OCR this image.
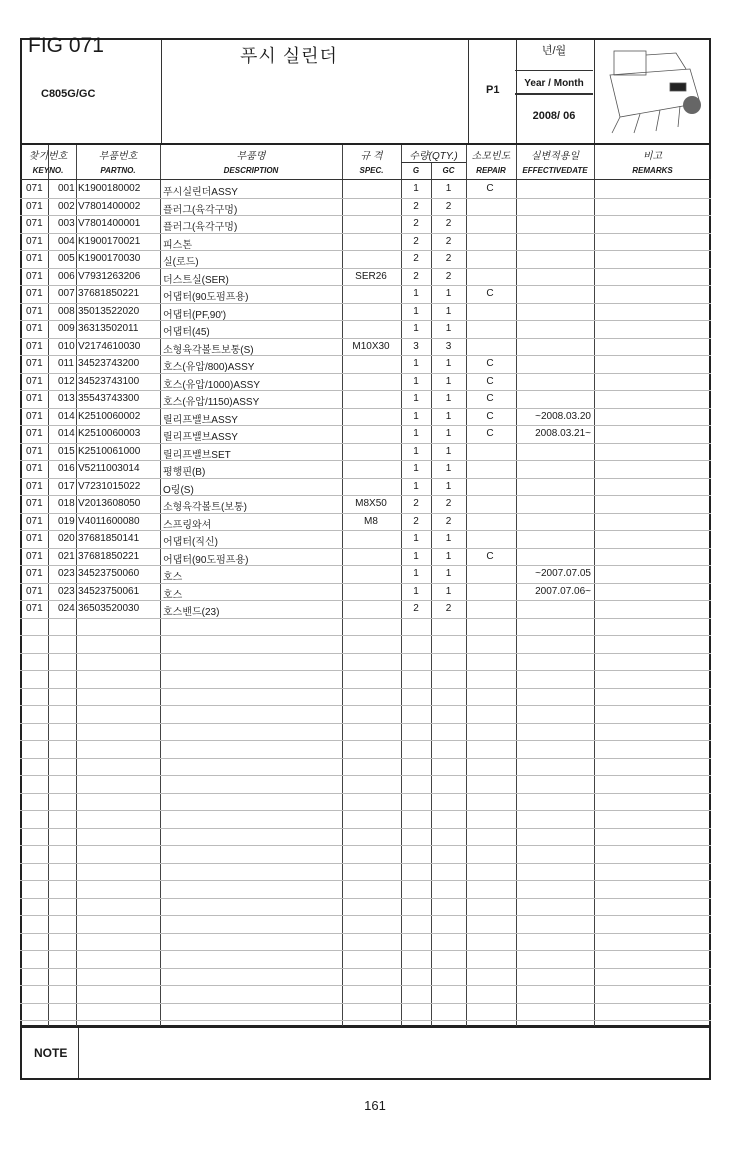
FIG 071
C805G/GC
푸시 실린더
P1
년/월
Year / Month
2008/ 06
찾기번호
KEYNO.
부품번호
PARTNO.
부품명
DESCRIPTION
규 격
SPEC.
수량(QTY.)
G	GC
소모빈도
REPAIR
실변적용일
EFFECTIVEDATE
비고
REMARKS
071 001 K1900180002 푸시실린더ASSY	1	1	C
071 002 V7801400002 플러그(육각구멍)	2	2
071 003 V7801400001 플러그(육각구멍)	2	2
071 004 K1900170021 피스톤	2	2
071 005 K1900170030 실(로드)	2	2
071 006 V7931263206 더스트실(SER)	SER26	2	2
071 007 37681850221 어댑터(90도펌프용)	1	1	C
071 008 35013522020 어댑터(PF,90')	1	1
071 009 36313502011 어댑터(45)	1	1
071 010 V2174610030 소형육각볼트보통(S)	M10X30	3	3
071 011 34523743200 호스(유압/800)ASSY	1	1	C
071 012 34523743100 호스(유압/1000)ASSY	1	1	C
071 013 35543743300 호스(유압/1150)ASSY	1	1	C
071 014 K2510060002 릴리프밸브ASSY	1	1	C	~2008.03.20
071 014 K2510060003 릴리프밸브ASSY	1	1	C	2008.03.21~
071 015 K2510061000 릴리프밸브SET	1	1
071 016 V5211003014 평행핀(B)	1	1
071 017 V7231015022 O링(S)	1	1
071 018 V2013608050 소형육각볼트(보통)	M8X50	2	2
071 019 V4011600080 스프링와셔	M8	2	2
071 020 37681850141 어댑터(직신)	1	1
071 021 37681850221 어댑터(90도펌프용)	1	1	C
071 023 34523750060 호스	1	1	~2007.07.05
071 023 34523750061 호스	1	1	2007.07.06~
071 024 36503520030 호스밴드(23)	2	2
NOTE
161
